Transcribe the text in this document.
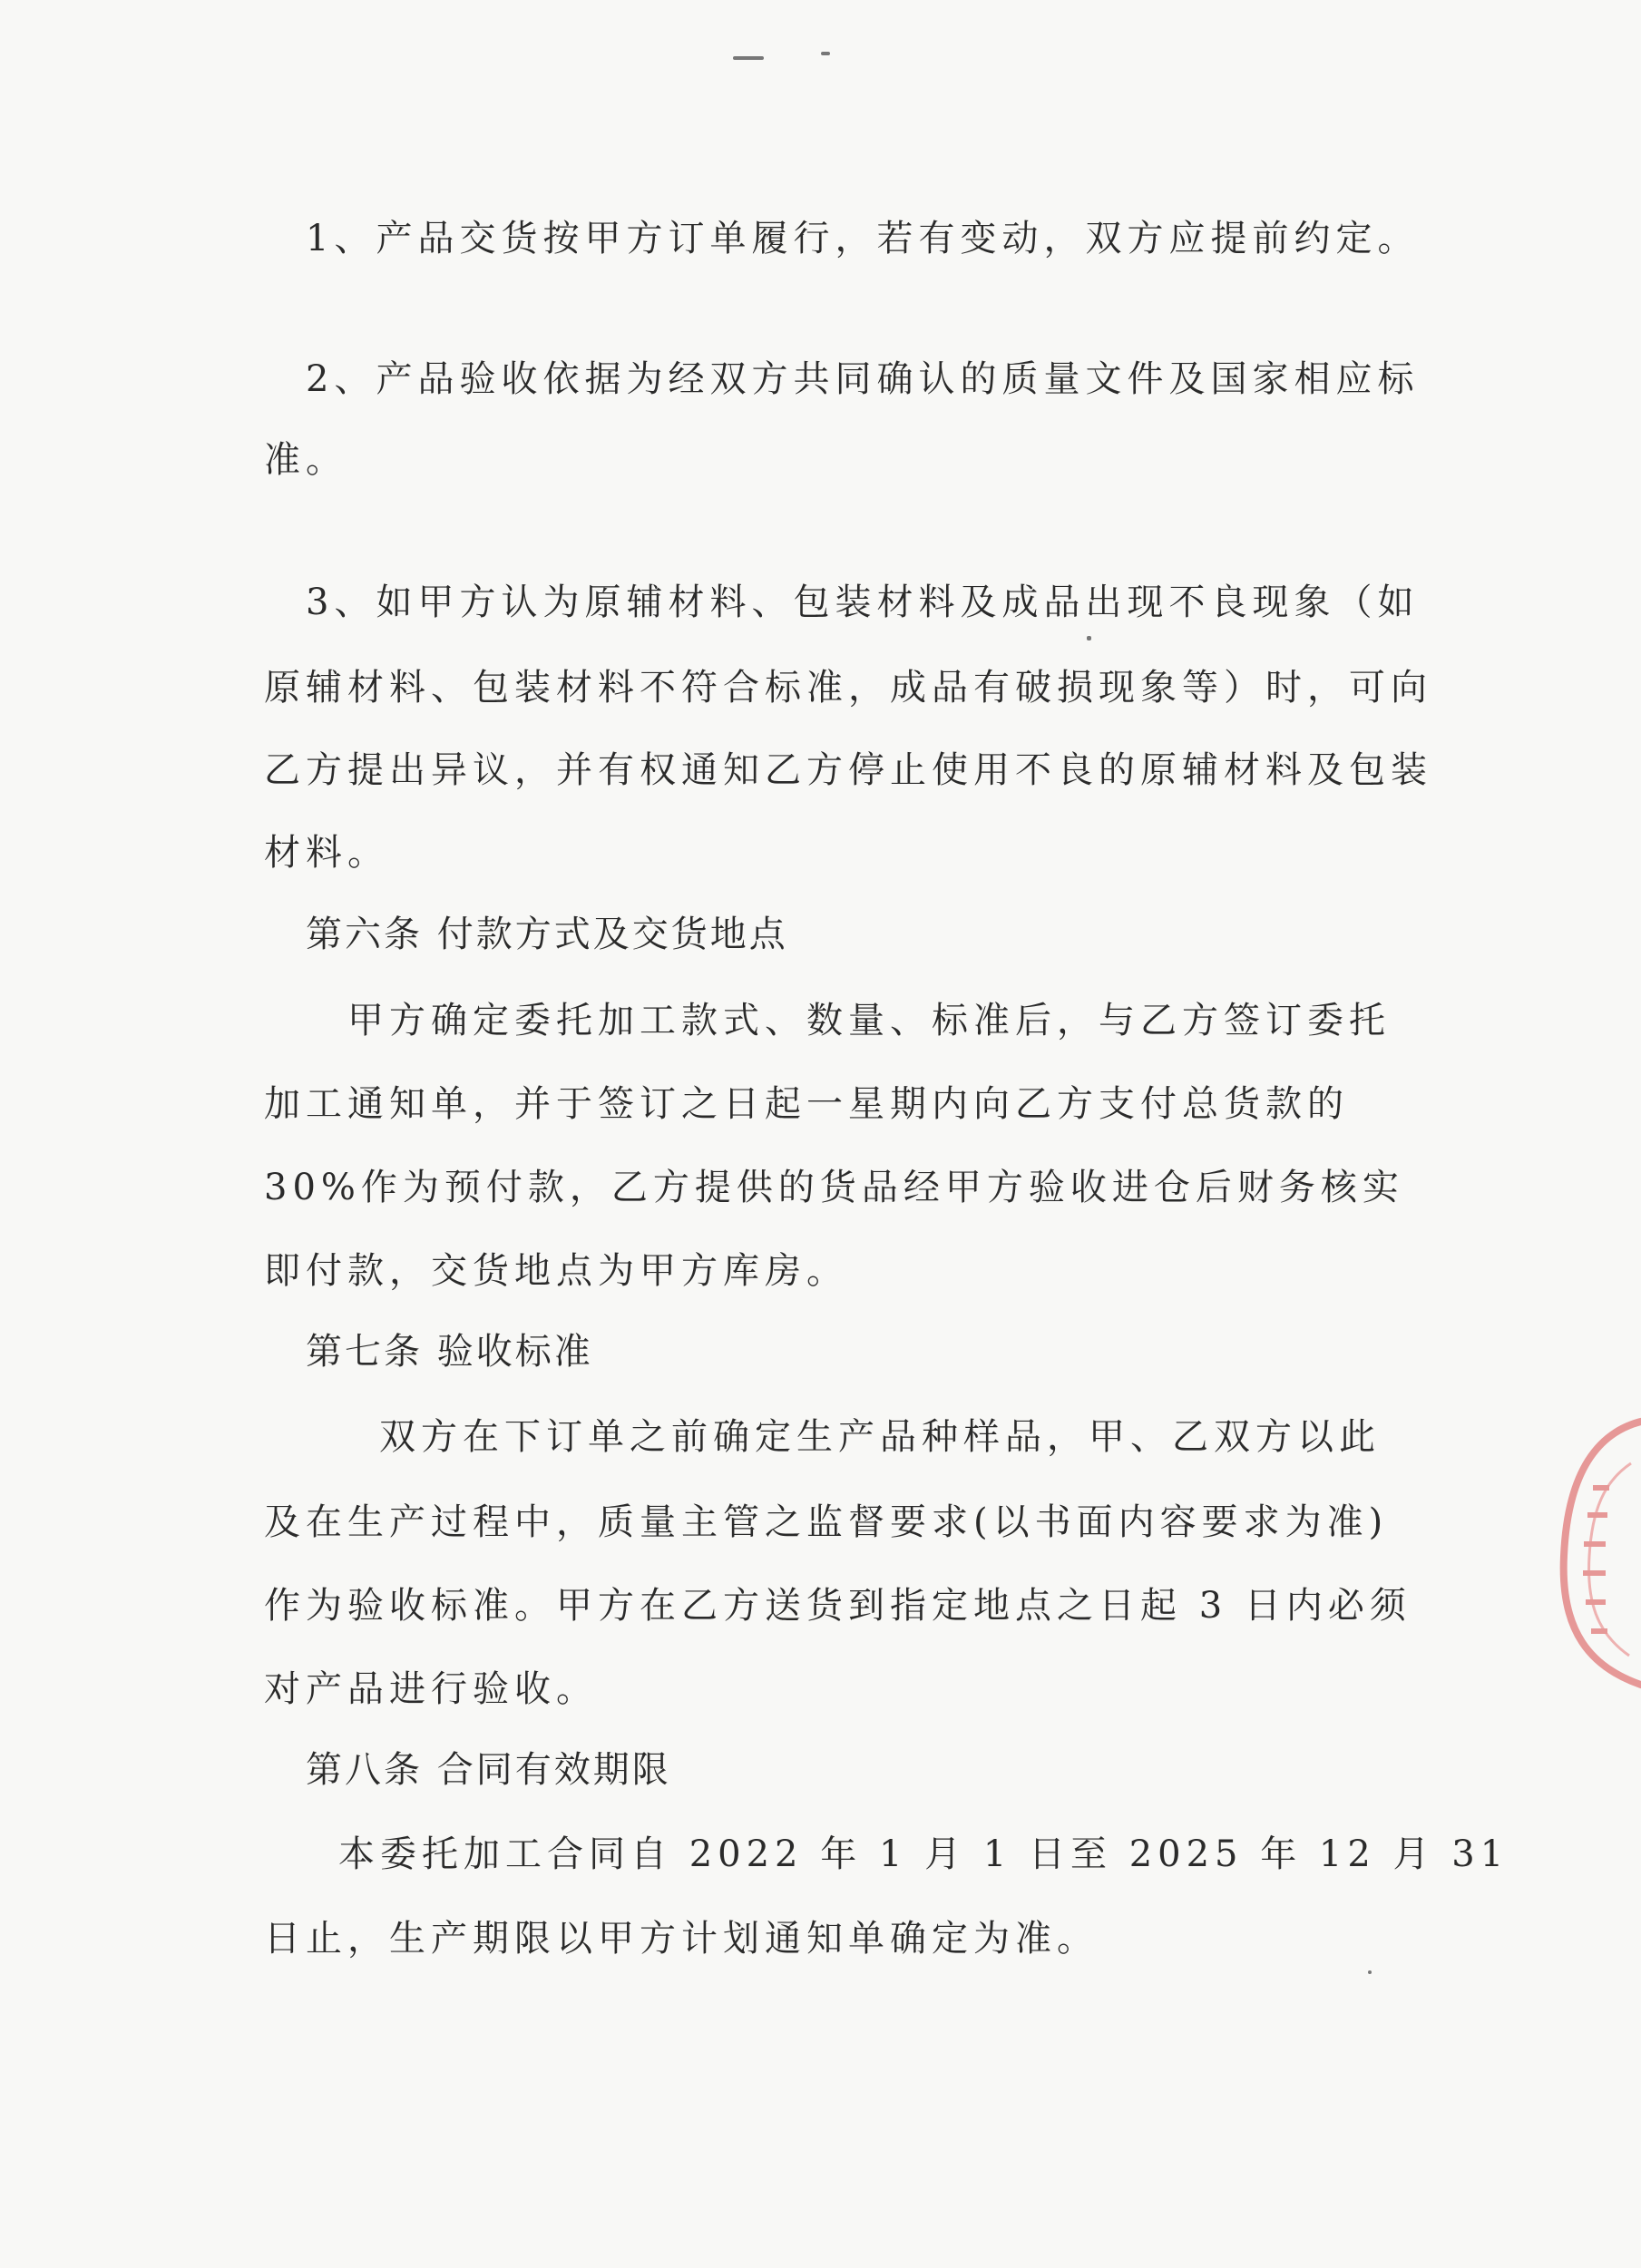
1、产品交货按甲方订单履行，若有变动，双方应提前约定。
2、产品验收依据为经双方共同确认的质量文件及国家相应标
准。
3、如甲方认为原辅材料、包装材料及成品出现不良现象（如
原辅材料、包装材料不符合标准，成品有破损现象等）时，可向
乙方提出异议，并有权通知乙方停止使用不良的原辅材料及包装
材料。
第六条 付款方式及交货地点
甲方确定委托加工款式、数量、标准后，与乙方签订委托
加工通知单，并于签订之日起一星期内向乙方支付总货款的
30%作为预付款，乙方提供的货品经甲方验收进仓后财务核实
即付款，交货地点为甲方库房。
第七条 验收标准
双方在下订单之前确定生产品种样品，甲、乙双方以此
及在生产过程中，质量主管之监督要求(以书面内容要求为准)
作为验收标准。甲方在乙方送货到指定地点之日起 3 日内必须
对产品进行验收。
第八条 合同有效期限
本委托加工合同自 2022 年 1 月 1 日至 2025 年 12 月 31
日止，生产期限以甲方计划通知单确定为准。
